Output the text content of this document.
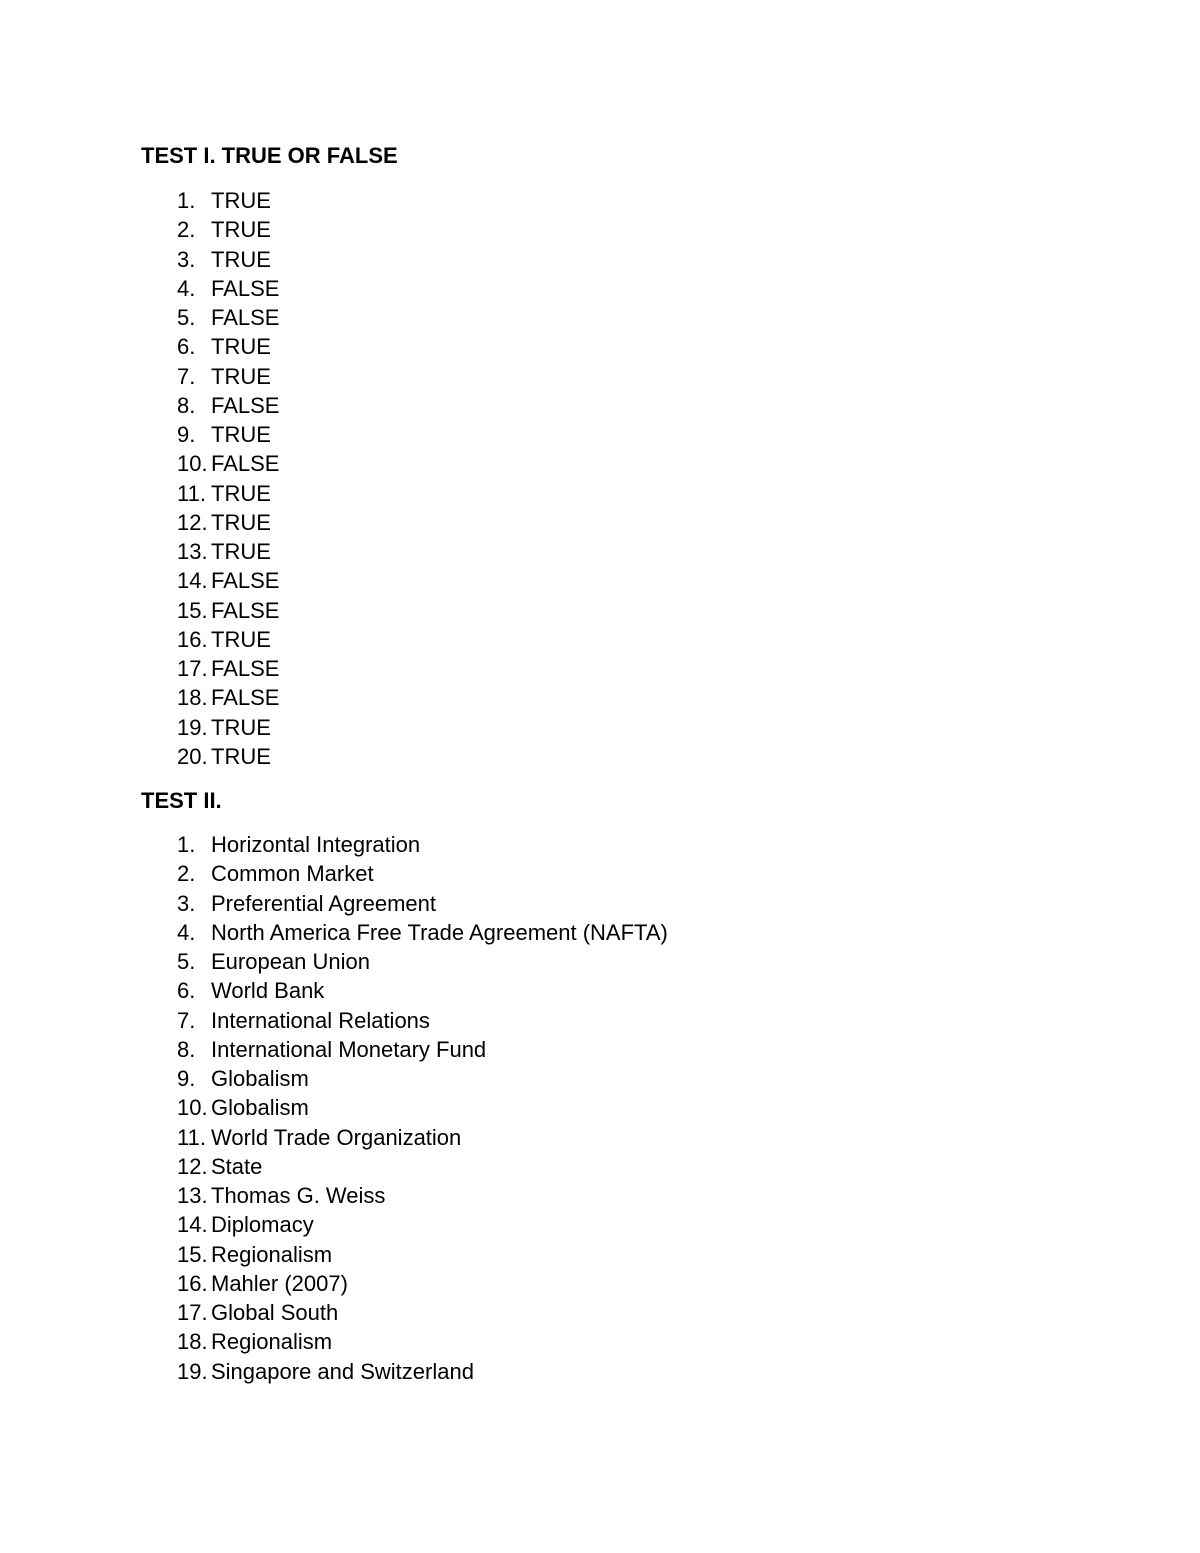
TEST I. TRUE OR FALSE
1. TRUE
2. TRUE
3. TRUE
4. FALSE
5. FALSE
6. TRUE
7. TRUE
8. FALSE
9. TRUE
10. FALSE
11. TRUE
12. TRUE
13. TRUE
14. FALSE
15. FALSE
16. TRUE
17. FALSE
18. FALSE
19. TRUE
20. TRUE
TEST II.
1. Horizontal Integration
2. Common Market
3. Preferential Agreement
4. North America Free Trade Agreement (NAFTA)
5. European Union
6. World Bank
7. International Relations
8. International Monetary Fund
9. Globalism
10. Globalism
11. World Trade Organization
12. State
13. Thomas G. Weiss
14. Diplomacy
15. Regionalism
16. Mahler (2007)
17. Global South
18. Regionalism
19. Singapore and Switzerland
